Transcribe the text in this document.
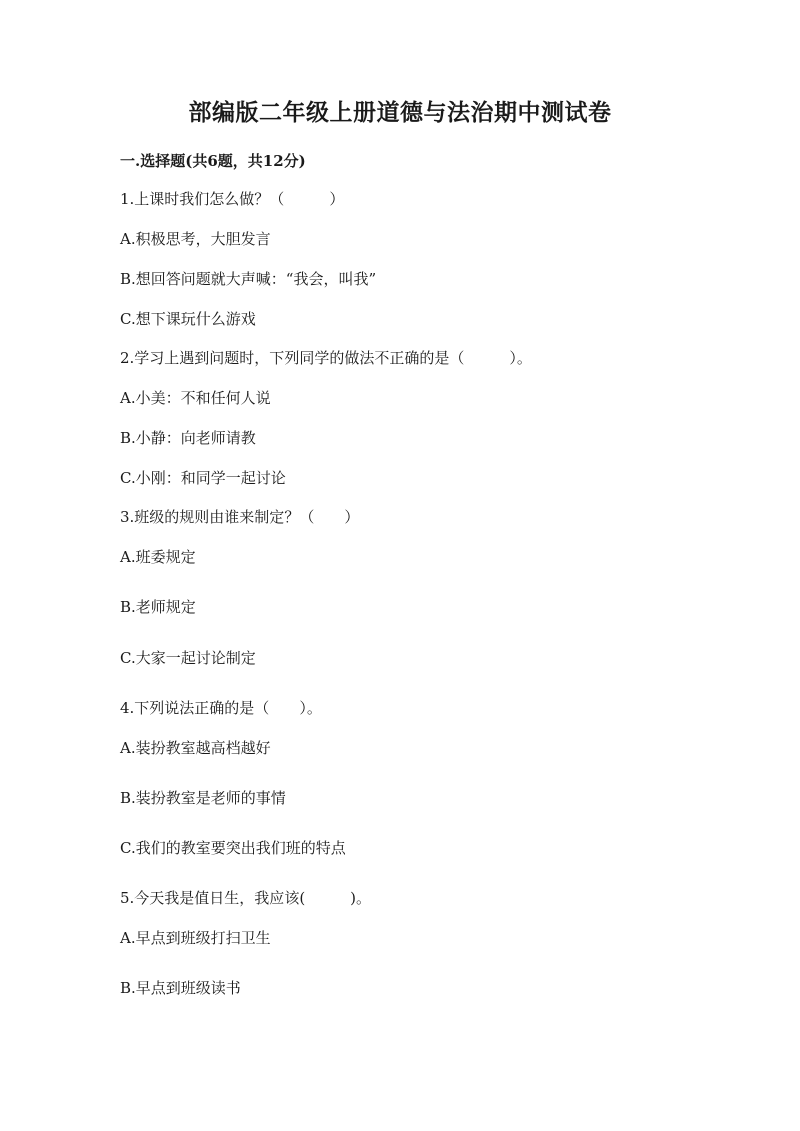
部编版二年级上册道德与法治期中测试卷

一.选择题(共6题，共12分)

1.上课时我们怎么做？（　　　）

A.积极思考，大胆发言

B.想回答问题就大声喊：“我会，叫我”

C.想下课玩什么游戏

2.学习上遇到问题时，下列同学的做法不正确的是（　　　）。

A.小美：不和任何人说

B.小静：向老师请教

C.小刚：和同学一起讨论

3.班级的规则由谁来制定？（　　）

A.班委规定

B.老师规定

C.大家一起讨论制定

4.下列说法正确的是（　　）。

A.装扮教室越高档越好

B.装扮教室是老师的事情

C.我们的教室要突出我们班的特点

5.今天我是值日生，我应该(　　　)。

A.早点到班级打扫卫生

B.早点到班级读书
